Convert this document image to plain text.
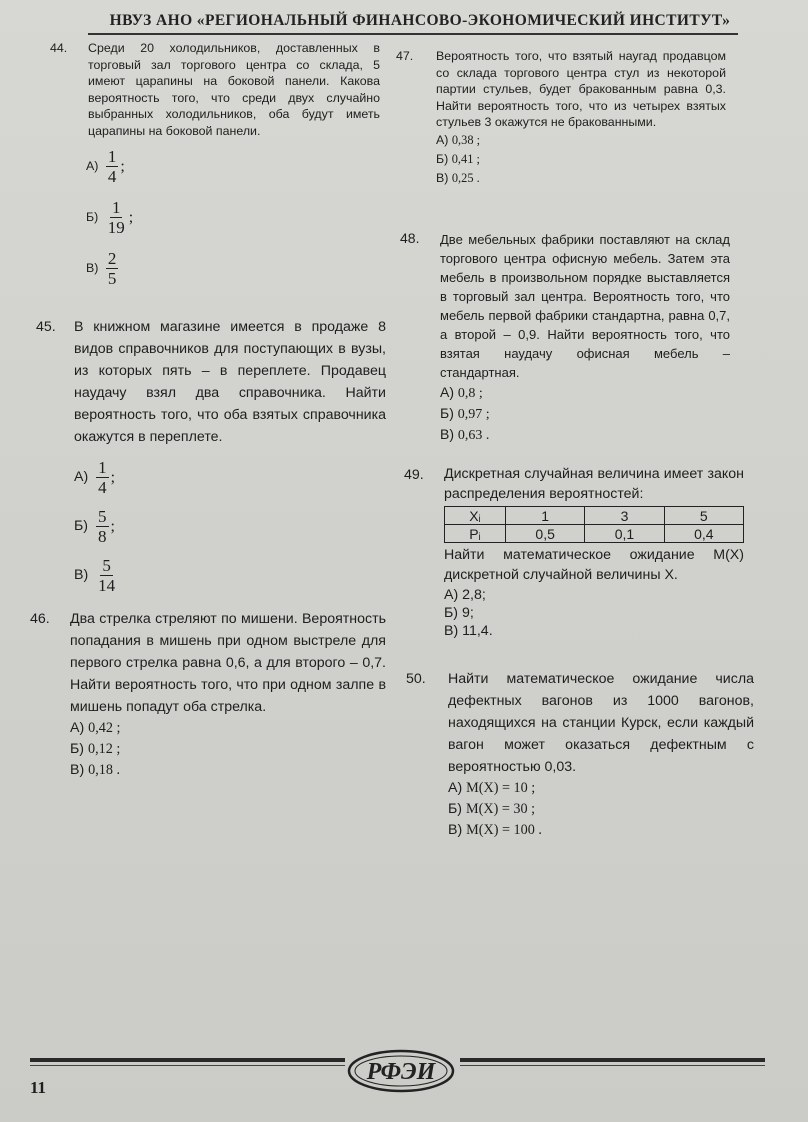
НВУЗ АНО «РЕГИОНАЛЬНЫЙ ФИНАНСОВО-ЭКОНОМИЧЕСКИЙ ИНСТИТУТ»
44. Среди 20 холодильников, доставленных в торговый зал торгового центра со склада, 5 имеют царапины на боковой панели. Какова вероятность того, что среди двух случайно выбранных холодильников, оба будут иметь царапины на боковой панели.
$А) \frac{1}{4}$ ;
$Б) \frac{1}{19}$ ;
$В) \frac{2}{5}$
45. В книжном магазине имеется в продаже 8 видов справочников для поступающих в вузы, из которых пять – в переплете. Продавец наудачу взял два справочника. Найти вероятность того, что оба взятых справочника окажутся в переплете.
$А) \frac{1}{4}$ ;
$Б) \frac{5}{8}$ ;
$В) \frac{5}{14}$
46. Два стрелка стреляют по мишени. Вероятность попадания в мишень при одном выстреле для первого стрелка равна 0,6, а для второго – 0,7. Найти вероятность того, что при одном залпе в мишень попадут оба стрелка.
А) 0,42 ;
Б) 0,12 ;
В) 0,18 .
47. Вероятность того, что взятый наугад продавцом со склада торгового центра стул из некоторой партии стульев, будет бракованным равна 0,3. Найти вероятность того, что из четырех взятых стульев 3 окажутся не бракованными.
А) 0,38 ;
Б) 0,41 ;
В) 0,25 .
48. Две мебельных фабрики поставляют на склад торгового центра офисную мебель. Затем эта мебель в произвольном порядке выставляется в торговый зал центра. Вероятность того, что мебель первой фабрики стандартна, равна 0,7, а второй – 0,9. Найти вероятность того, что взятая наудачу офисная мебель – стандартная.
А) 0,8 ;
Б) 0,97 ;
В) 0,63 .
49. Дискретная случайная величина имеет закон распределения вероятностей:
Xᵢ	1	3	5
Pᵢ	0,5	0,1	0,4
Найти математическое ожидание M(X) дискретной случайной величины X.
А) 2,8;
Б) 9;
В) 11,4.
50. Найти математическое ожидание числа дефектных вагонов из 1000 вагонов, находящихся на станции Курск, если каждый вагон может оказаться дефектным с вероятностью 0,03.
А) M(X) = 10 ;
Б) M(X) = 30 ;
В) M(X) = 100 .
РФЭИ
11
